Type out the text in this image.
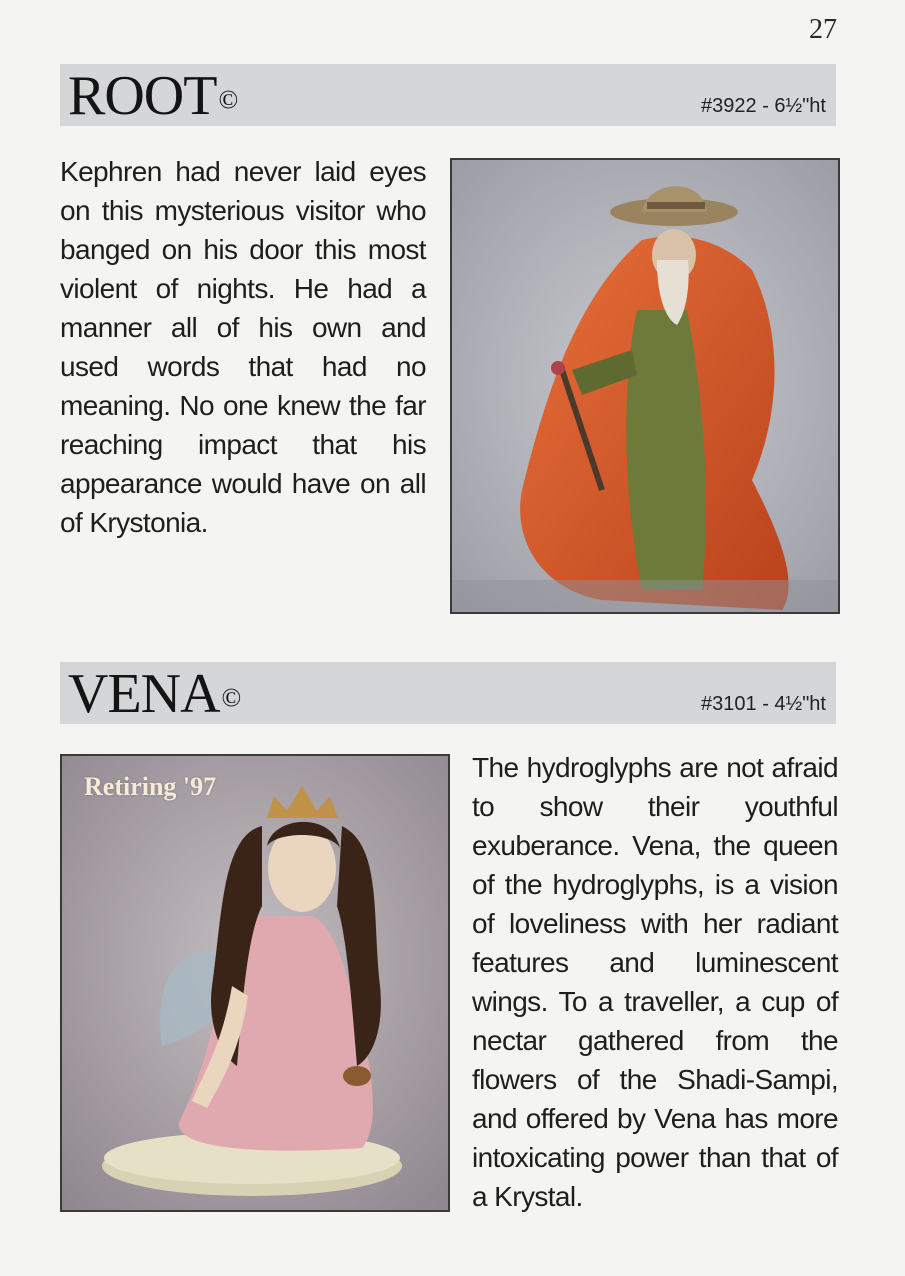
27
ROOT©	#3922 - 6½"ht
Kephren had never laid eyes on this mysterious visitor who banged on his door this most violent of nights. He had a manner all of his own and used words that had no meaning. No one knew the far reaching impact that his appearance would have on all of Krystonia.
VENA©	#3101 - 4½"ht
Retiring '97
The hydroglyphs are not afraid to show their youthful exuberance. Vena, the queen of the hydroglyphs, is a vision of loveliness with her radiant features and luminescent wings. To a traveller, a cup of nectar gathered from the flowers of the Shadi-Sampi, and offered by Vena has more intoxicating power than that of a Krystal.
